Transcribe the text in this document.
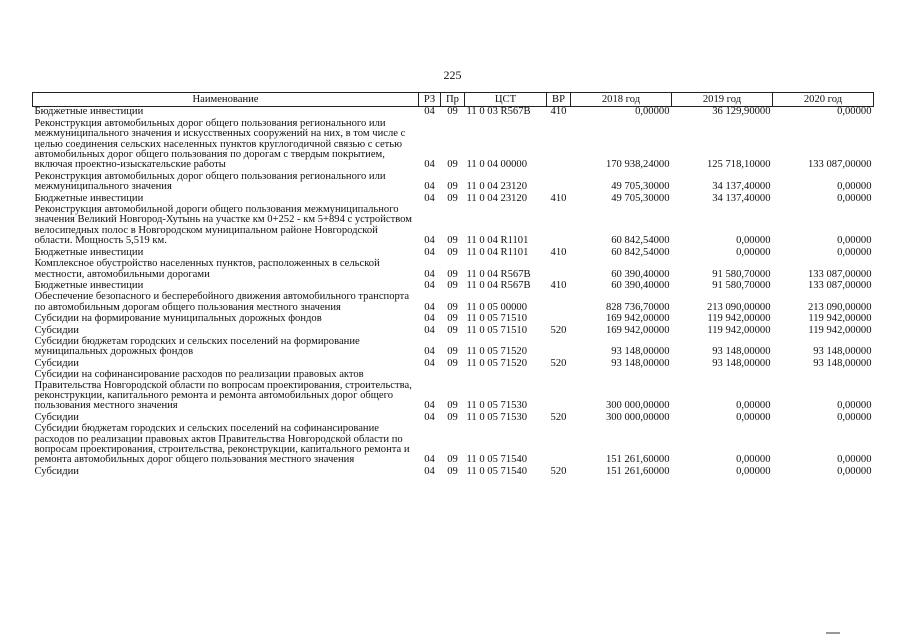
225
Наименование	РЗ	Пр	ЦСТ	ВР	2018 год	2019 год	2020 год
Бюджетные инвестиции	04	09	11 0 03 R567B	410	0,00000	36 129,90000	0,00000
Реконструкция автомобильных дорог общего пользования регионального или межмуниципального значения и искусственных сооружений на них, в том числе с целью соединения сельских населенных пунктов круглогодичной связью с сетью автомобильных дорог общего пользования по дорогам с твердым покрытием, включая проектно-изыскательские работы	04	09	11 0 04 00000		170 938,24000	125 718,10000	133 087,00000
Реконструкция автомобильных дорог общего пользования регионального или межмуниципального значения	04	09	11 0 04 23120		49 705,30000	34 137,40000	0,00000
Бюджетные инвестиции	04	09	11 0 04 23120	410	49 705,30000	34 137,40000	0,00000
Реконструкция автомобильной дороги общего пользования межмуниципального значения Великий Новгород-Хутынь на участке км 0+252 - км 5+894 с устройством велосипедных полос в Новгородском муниципальном районе Новгородской области. Мощность 5,519 км.	04	09	11 0 04 R1101		60 842,54000	0,00000	0,00000
Бюджетные инвестиции	04	09	11 0 04 R1101	410	60 842,54000	0,00000	0,00000
Комплексное обустройство населенных пунктов, расположенных в сельской местности, автомобильными дорогами	04	09	11 0 04 R567B		60 390,40000	91 580,70000	133 087,00000
Бюджетные инвестиции	04	09	11 0 04 R567B	410	60 390,40000	91 580,70000	133 087,00000
Обеспечение безопасного и бесперебойного движения автомобильного транспорта по автомобильным дорогам общего пользования местного значения	04	09	11 0 05 00000		828 736,70000	213 090,00000	213 090,00000
Субсидии на формирование муниципальных дорожных фондов	04	09	11 0 05 71510		169 942,00000	119 942,00000	119 942,00000
Субсидии	04	09	11 0 05 71510	520	169 942,00000	119 942,00000	119 942,00000
Субсидии бюджетам городских и сельских поселений на формирование муниципальных дорожных фондов	04	09	11 0 05 71520		93 148,00000	93 148,00000	93 148,00000
Субсидии	04	09	11 0 05 71520	520	93 148,00000	93 148,00000	93 148,00000
Субсидии на софинансирование расходов по реализации правовых актов Правительства Новгородской области по вопросам проектирования, строительства, реконструкции, капитального ремонта и ремонта автомобильных дорог общего пользования местного значения	04	09	11 0 05 71530		300 000,00000	0,00000	0,00000
Субсидии	04	09	11 0 05 71530	520	300 000,00000	0,00000	0,00000
Субсидии бюджетам городских и сельских поселений на софинансирование расходов по реализации правовых актов Правительства Новгородской области по вопросам проектирования, строительства, реконструкции, капитального ремонта и ремонта автомобильных дорог общего пользования местного значения	04	09	11 0 05 71540		151 261,60000	0,00000	0,00000
Субсидии	04	09	11 0 05 71540	520	151 261,60000	0,00000	0,00000
